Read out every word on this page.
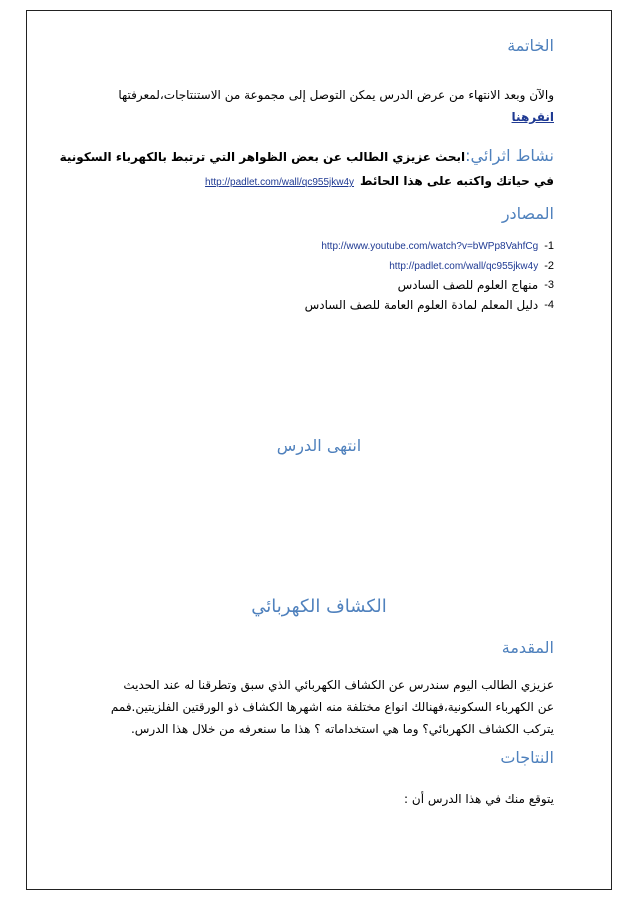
الخاتمة
والآن وبعد الانتهاء من عرض الدرس يمكن التوصل إلى مجموعة من الاستنتاجات،لمعرفتها
انقرهنا
نشاط اثرائي:
ابحث عزيزي الطالب عن بعض الظواهر التي ترتبط بالكهرباء السكونية
في حياتك واكتبه على هذا الحائط
http://padlet.com/wall/qc955jkw4y
المصادر
-1
http://www.youtube.com/watch?v=bWPp8VahfCg
-2
http://padlet.com/wall/qc955jkw4y
-3
منهاج العلوم للصف السادس
-4
دليل المعلم لمادة العلوم العامة للصف السادس
انتهى الدرس
الكشاف الكهربائي
المقدمة
عزيزي الطالب اليوم سندرس عن الكشاف الكهربائي الذي سبق وتطرقنا له عند الحديث
عن الكهرباء السكونية،فهنالك انواع مختلفة منه اشهرها الكشاف ذو الورقتين الفلزيتين.فمم
يتركب الكشاف الكهربائي؟ وما هي استخداماته ؟ هذا ما سنعرفه من خلال هذا الدرس.
النتاجات
يتوقع منك في هذا الدرس أن :
